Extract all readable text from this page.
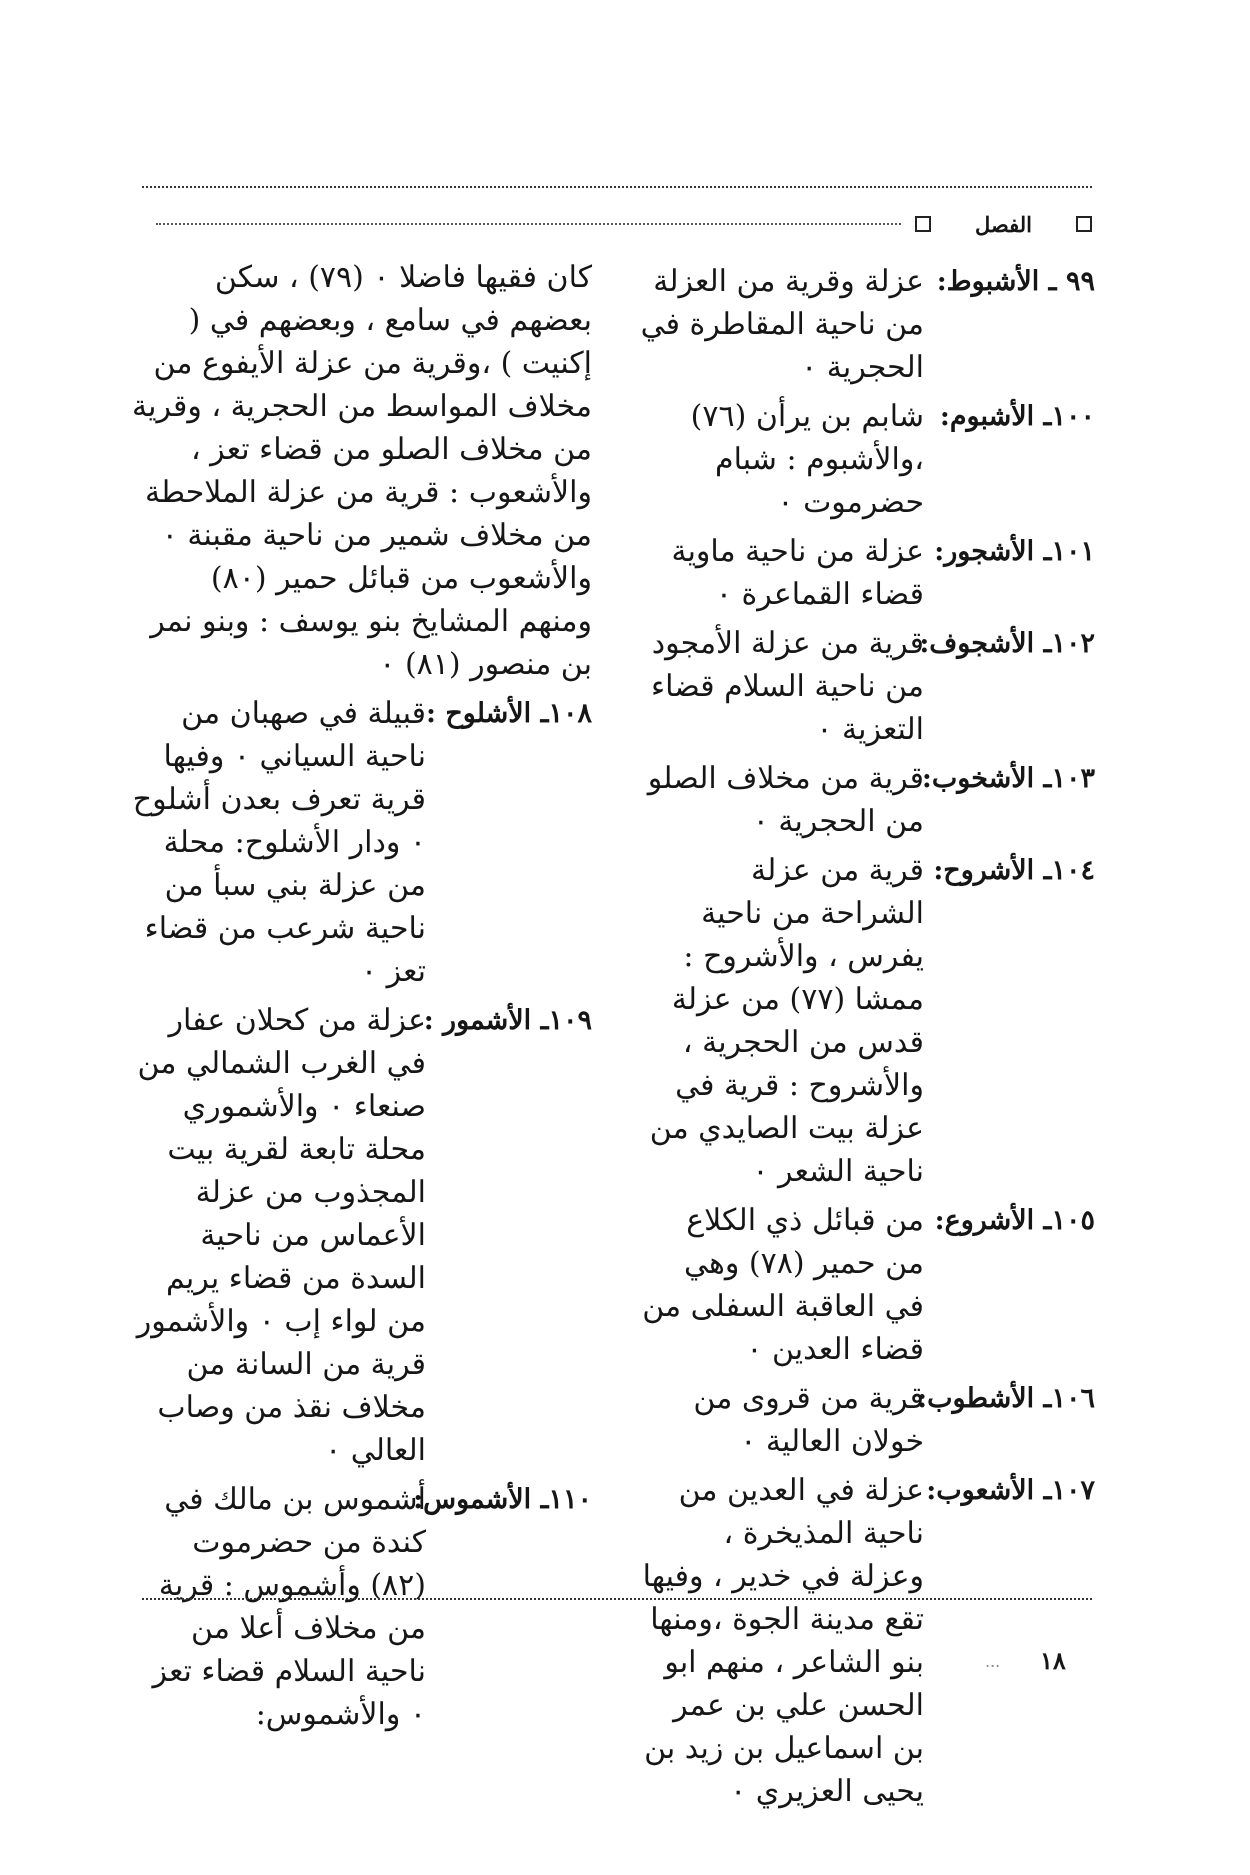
الفصل
٩٩ ـ الأشبوط:
عزلة وقرية من العزلة من ناحية المقاطرة في الحجرية ٠
١٠٠ـ الأشبوم:
شابم بن يرأن (٧٦) ،والأشبوم : شبام حضرموت ٠
١٠١ـ الأشجور:
عزلة من ناحية ماوية قضاء القماعرة ٠
١٠٢ـ الأشجوف:
قرية من عزلة الأمجود من ناحية السلام قضاء التعزية ٠
١٠٣ـ الأشخوب:
قرية من مخلاف الصلو من الحجرية ٠
١٠٤ـ الأشروح:
قرية من عزلة الشراحة من ناحية يفرس ، والأشروح : ممشا (٧٧) من عزلة قدس من الحجرية ، والأشروح : قرية في عزلة بيت الصايدي من ناحية الشعر ٠
١٠٥ـ الأشروع:
من قبائل ذي الكلاع من حمير (٧٨) وهي في العاقبة السفلى من قضاء العدين ٠
١٠٦ـ الأشطوب:
قرية من قروى من خولان العالية ٠
١٠٧ـ الأشعوب:
عزلة في العدين من ناحية المذيخرة ، وعزلة في خدير ، وفيها تقع مدينة الجوة ،ومنها بنو الشاعر ، منهم ابو الحسن علي بن عمر بن اسماعيل بن زيد بن يحيى العزيري ٠
كان فقيها فاضلا ٠ (٧٩) ، سكن بعضهم في سامع ، وبعضهم في ( إكنيت ) ،وقرية من عزلة الأيفوع من مخلاف المواسط من الحجرية ، وقرية من مخلاف الصلو من قضاء تعز ، والأشعوب : قرية من عزلة الملاحطة من مخلاف شمير من ناحية مقبنة ٠ والأشعوب من قبائل حمير (٨٠) ومنهم المشايخ بنو يوسف : وبنو نمر بن منصور (٨١) ٠
١٠٨ـ الأشلوح :
قبيلة في صهبان من ناحية السياني ٠ وفيها قرية تعرف بعدن أشلوح ٠ ودار الأشلوح: محلة من عزلة بني سبأ من ناحية شرعب من قضاء تعز ٠
١٠٩ـ الأشمور :
عزلة من كحلان عفار في الغرب الشمالي من صنعاء ٠ والأشموري محلة تابعة لقرية بيت المجذوب من عزلة الأعماس من ناحية السدة من قضاء يريم من لواء إب ٠ والأشمور قرية من السانة من مخلاف نقذ من وصاب العالي ٠
١١٠ـ الأشموس:
أشموس بن مالك في كندة من حضرموت (٨٢) وأشموس : قرية من مخلاف أعلا من ناحية السلام قضاء تعز ٠ والأشموس:
... ١٨
